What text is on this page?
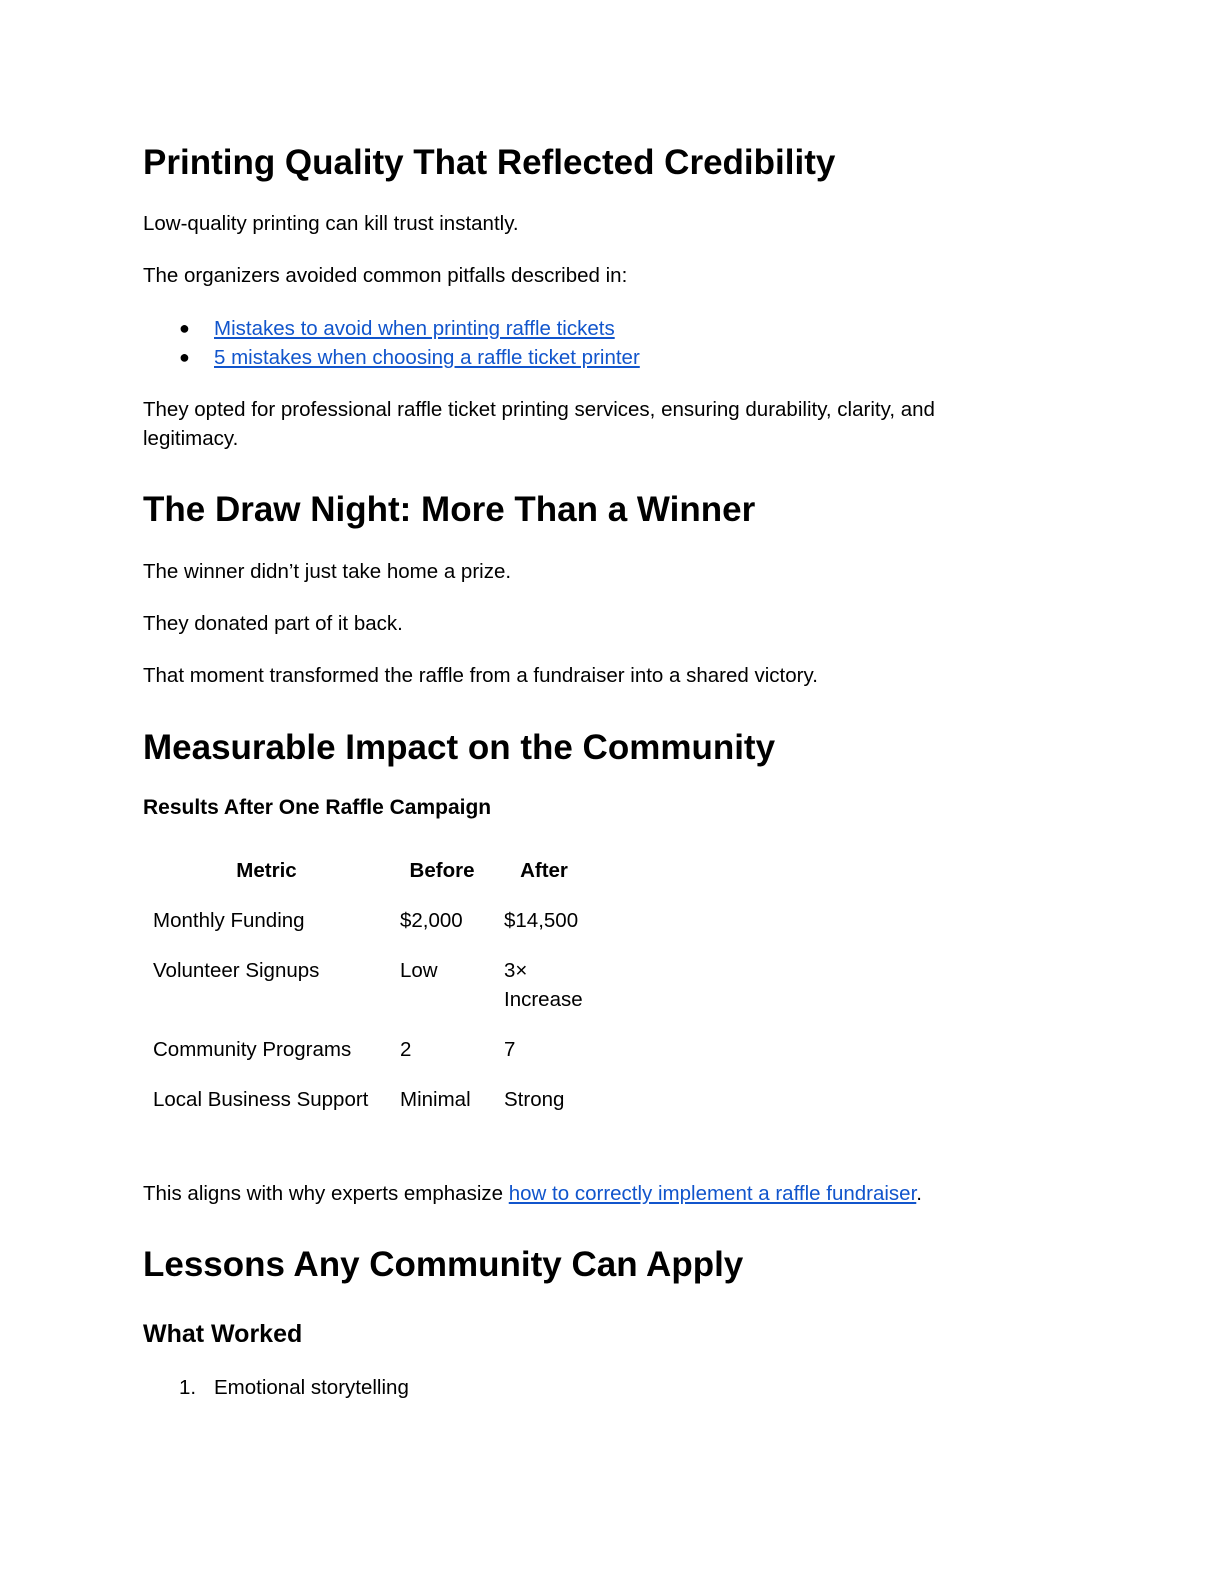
Printing Quality That Reflected Credibility

Low-quality printing can kill trust instantly.

The organizers avoided common pitfalls described in:

● Mistakes to avoid when printing raffle tickets
● 5 mistakes when choosing a raffle ticket printer

They opted for professional raffle ticket printing services, ensuring durability, clarity, and legitimacy.

The Draw Night: More Than a Winner

The winner didn’t just take home a prize.

They donated part of it back.

That moment transformed the raffle from a fundraiser into a shared victory.

Measurable Impact on the Community
Results After One Raffle Campaign
Metric	Before	After
Monthly Funding	$2,000	$14,500
Volunteer Signups	Low	3× Increase
Community Programs	2	7
Local Business Support	Minimal	Strong

This aligns with why experts emphasize how to correctly implement a raffle fundraiser.

Lessons Any Community Can Apply
What Worked
1. Emotional storytelling
